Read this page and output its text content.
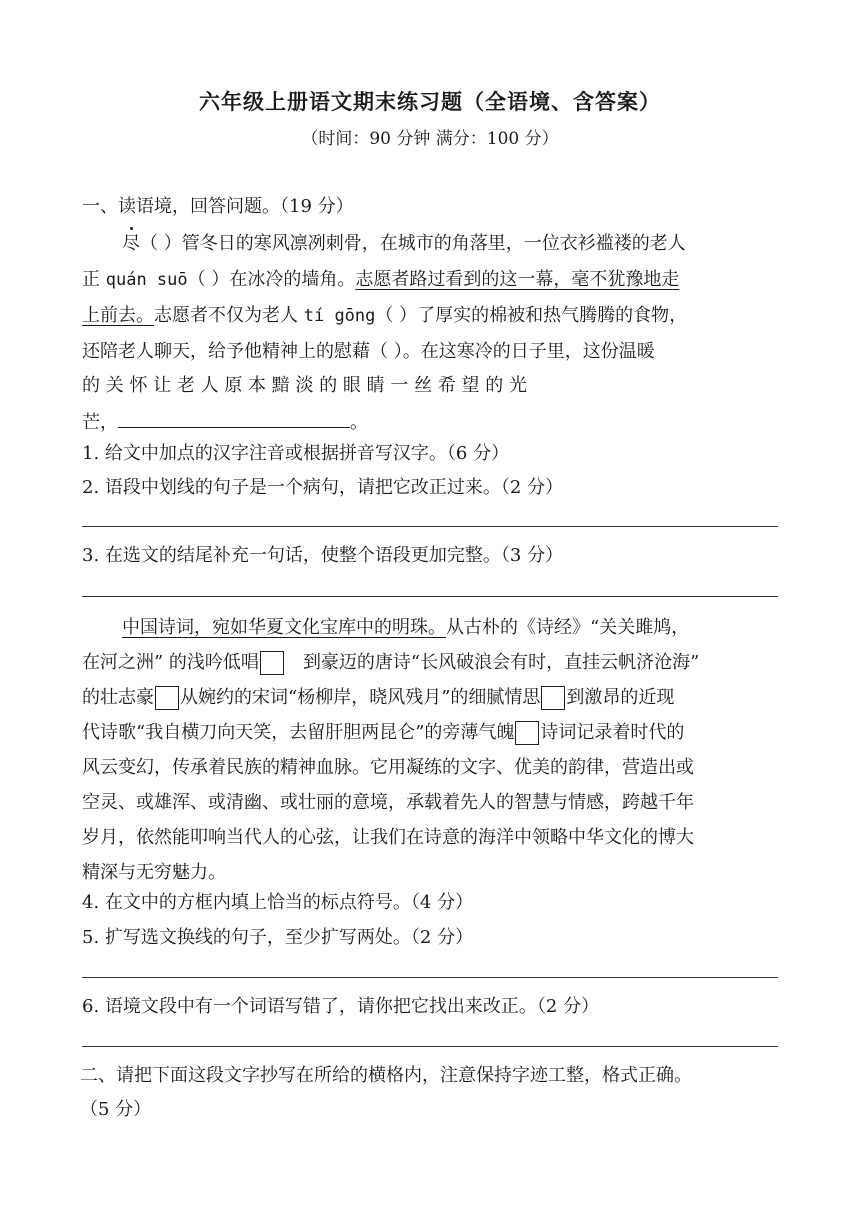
六年级上册语文期末练习题（全语境、含答案）
（时间：90 分钟 满分：100 分）
一、读语境，回答问题。（19 分）
尽（ ）管冬日的寒风凛冽刺骨，在城市的角落里，一位衣衫褴褛的老人
正 quán suō（ ）在冰冷的墙角。志愿者路过看到的这一幕，毫不犹豫地走
上前去。志愿者不仅为老人 tí gōng（ ）了厚实的棉被和热气腾腾的食物，
还陪老人聊天，给予他精神上的慰藉（ ）。在这寒冷的日子里，这份温暖
的 关 怀 让 老 人 原 本 黯 淡 的 眼 睛 一 丝 希 望 的 光
芒，	。
1. 给文中加点的汉字注音或根据拼音写汉字。（6 分）
2. 语段中划线的句子是一个病句，请把它改正过来。（2 分）
3. 在选文的结尾补充一句话，使整个语段更加完整。（3 分）
中国诗词，宛如华夏文化宝库中的明珠。从古朴的《诗经》“关关雎鸠，
在河之洲” 的浅吟低唱 到豪迈的唐诗“长风破浪会有时，直挂云帆济沧海”
的壮志豪 从婉约的宋词“杨柳岸，晓风残月”的细腻情思 到激昂的近现
代诗歌“我自横刀向天笑，去留肝胆两昆仑”的旁薄气魄 诗词记录着时代的
风云变幻，传承着民族的精神血脉。它用凝练的文字、优美的韵律，营造出或
空灵、或雄浑、或清幽、或壮丽的意境，承载着先人的智慧与情感，跨越千年
岁月，依然能叩响当代人的心弦，让我们在诗意的海洋中领略中华文化的博大
精深与无穷魅力。
4. 在文中的方框内填上恰当的标点符号。（4 分）
5. 扩写选文换线的句子，至少扩写两处。（2 分）
6. 语境文段中有一个词语写错了，请你把它找出来改正。（2 分）
二、请把下面这段文字抄写在所给的横格内，注意保持字迹工整，格式正确。
（5 分）
